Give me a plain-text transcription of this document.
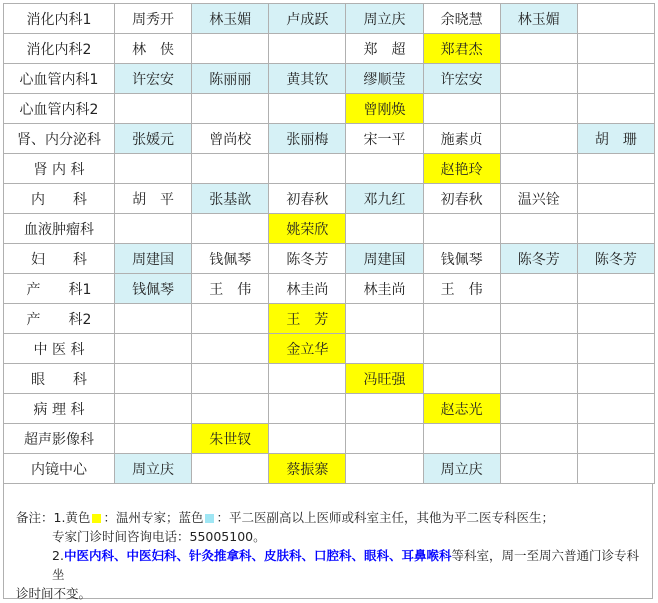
消化内科1	周秀开	林玉媚	卢成跃	周立庆	余晓慧	林玉媚	
消化内科2	林　侠			郑　超	郑君杰		
心血管内科1	许宏安	陈丽丽	黄其钦	缪顺莹	许宏安		
心血管内科2				曾刚焕			
肾、内分泌科	张媛元	曾尚校	张丽梅	宋一平	施素贞		胡　珊
肾 内 科					赵艳玲		
内　　科	胡　平	张基歆	初春秋	邓九红	初春秋	温兴铨	
血液肿瘤科			姚荣欣				
妇　　科	周建国	钱佩琴	陈冬芳	周建国	钱佩琴	陈冬芳	陈冬芳
产　　科1	钱佩琴	王　伟	林圭尚	林圭尚	王　伟		
产　　科2			王　芳				
中 医 科			金立华				
眼　　科				冯旺强			
病 理 科					赵志光		
超声影像科		朱世钗					
内镜中心	周立庆		蔡振寨		周立庆		
备注：1.黄色 ：温州专家；蓝色 ：平二医副高以上医师或科室主任，其他为平二医专科医生；
专家门诊时间咨询电话：55005100。
2.中医内科、中医妇科、针灸推拿科、皮肤科、口腔科、眼科、耳鼻喉科等科室，周一至周六普通门诊专科坐
诊时间不变。
